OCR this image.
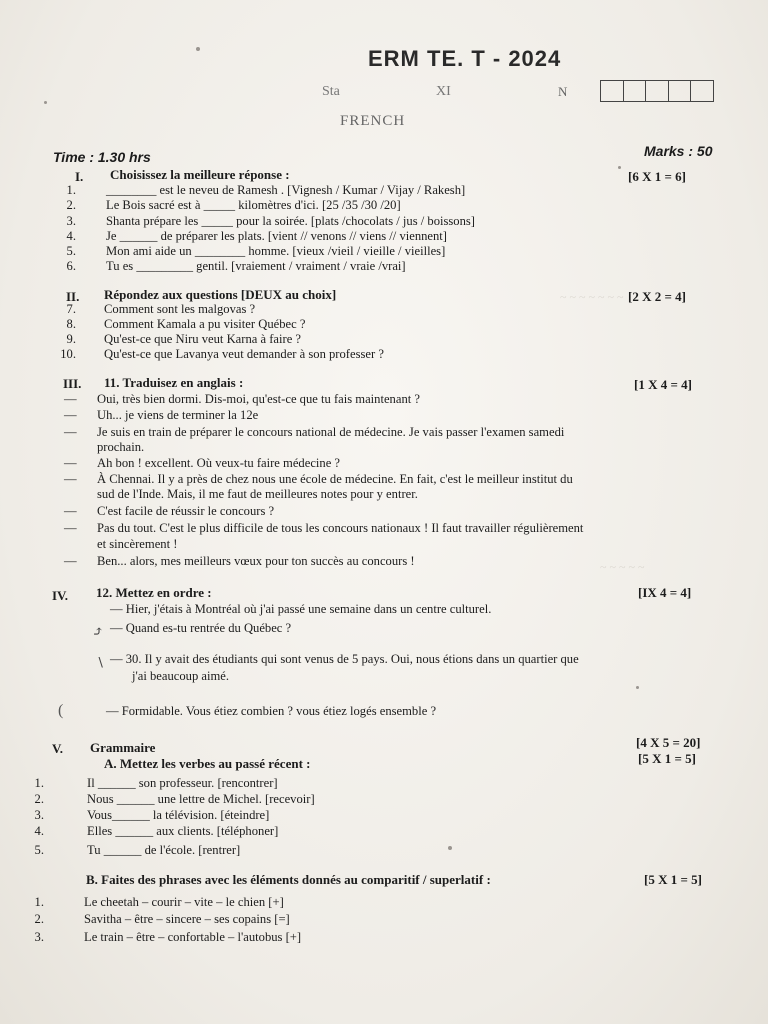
~ ~ ~ ~ ~ ~ ~
~ ~ ~ ~ ~
ERM TE. T - 2024
Sta	XI	N
FRENCH
Time : 1.30 hrs	Marks : 50
I. Choisissez la meilleure réponse :	[6 X 1 = 6]
1. ________ est le neveu de Ramesh . [Vignesh / Kumar / Vijay / Rakesh]
2. Le Bois sacré est à _____ kilomètres d'ici. [25 /35 /30 /20]
3. Shanta prépare les _____ pour la soirée. [plats /chocolats / jus / boissons]
4. Je ______ de préparer les plats. [vient // venons // viens // viennent]
5. Mon ami aide un ________ homme. [vieux /vieil / vieille / vieilles]
6. Tu es _________ gentil. [vraiement / vraiment / vraie /vrai]
II. Répondez aux questions [DEUX au choix]	[2 X 2 = 4]
7. Comment sont les malgovas ?
8. Comment Kamala a pu visiter Québec ?
9. Qu'est-ce que Niru veut Karna à faire ?
10. Qu'est-ce que Lavanya veut demander à son professer ?
III. 11. Traduisez en anglais :	[1 X 4 = 4]
— Oui, très bien dormi. Dis-moi, qu'est-ce que tu fais maintenant ?
— Uh... je viens de terminer la 12e
— Je suis en train de préparer le concours national de médecine. Je vais passer l'examen samedi
prochain.
— Ah bon ! excellent. Où veux-tu faire médecine ?
— À Chennai. Il y a près de chez nous une école de médecine. En fait, c'est le meilleur institut du
sud de l'Inde. Mais, il me faut de meilleures notes pour y entrer.
— C'est facile de réussir le concours ?
— Pas du tout. C'est le plus difficile de tous les concours nationaux ! Il faut travailler régulièrement
et sincèrement !
— Ben... alors, mes meilleurs vœux pour ton succès au concours !
IV. 12. Mettez en ordre :	[IX 4 = 4]
⤴
∖
(
— Hier, j'étais à Montréal où j'ai passé une semaine dans un centre culturel.
— Quand es-tu rentrée du Québec ?
— 30. Il y avait des étudiants qui sont venus de 5 pays. Oui, nous étions dans un quartier que
j'ai beaucoup aimé.
— Formidable. Vous étiez combien ? vous étiez logés ensemble ?
V. Grammaire	[4 X 5 = 20]
A. Mettez les verbes au passé récent :	[5 X 1 = 5]
1.	Il ______ son professeur. [rencontrer]
2.	Nous ______ une lettre de Michel. [recevoir]
3.	Vous______ la télévision. [éteindre]
4.	Elles ______ aux clients. [téléphoner]
5.	Tu ______ de l'école. [rentrer]
B. Faites des phrases avec les éléments donnés au comparitif / superlatif :	[5 X 1 = 5]
1.	Le cheetah – courir – vite – le chien [+]
2.	Savitha – être – sincere – ses copains [=]
3.	Le train – être – confortable – l'autobus [+]
